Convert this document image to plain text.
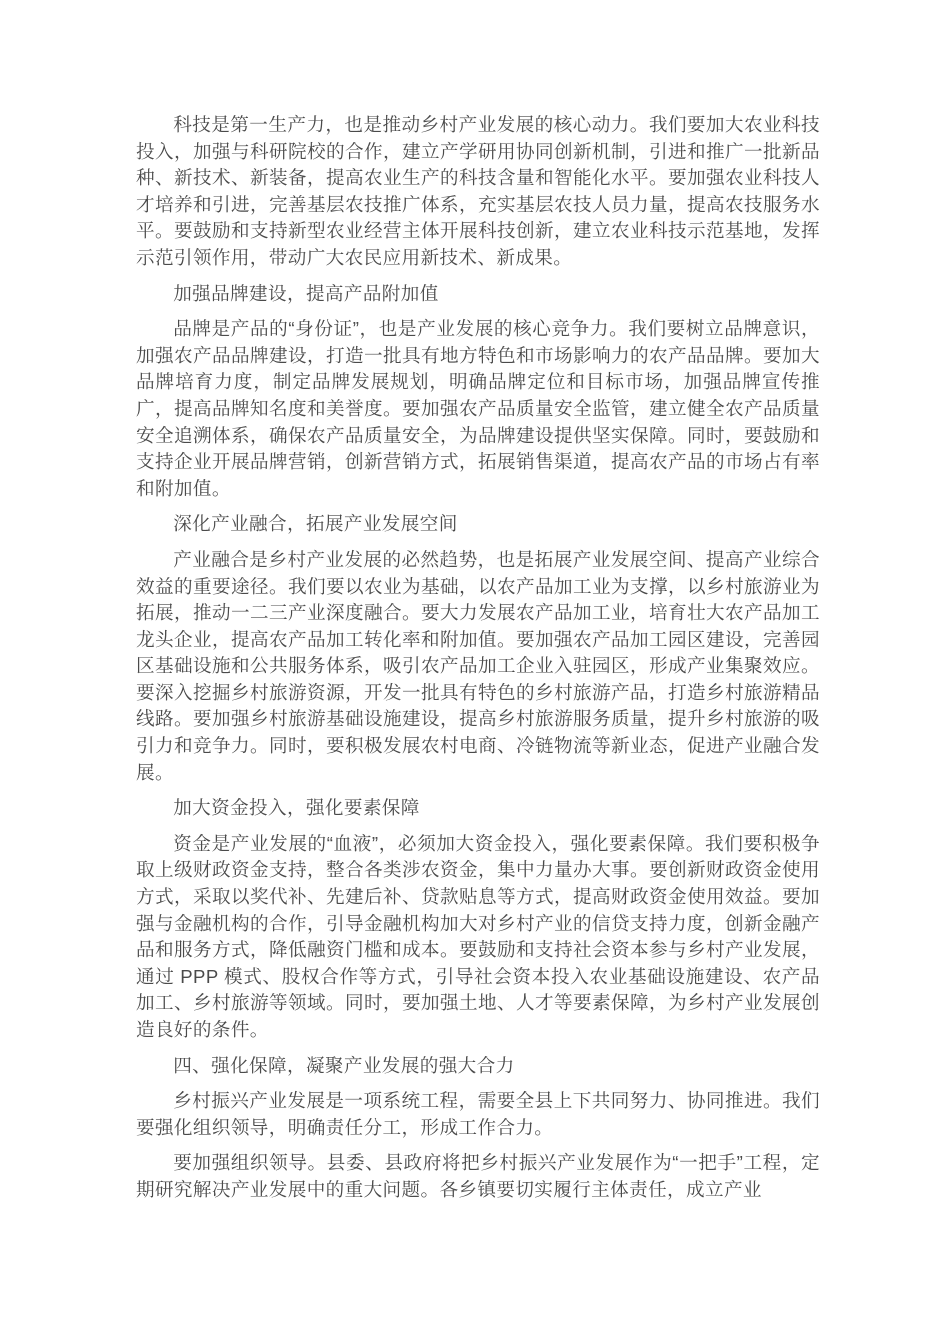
科技是第一生产力，也是推动乡村产业发展的核心动力。我们要加大农业科技投入，加强与科研院校的合作，建立产学研用协同创新机制，引进和推广一批新品种、新技术、新装备，提高农业生产的科技含量和智能化水平。要加强农业科技人才培养和引进，完善基层农技推广体系，充实基层农技人员力量，提高农技服务水平。要鼓励和支持新型农业经营主体开展科技创新，建立农业科技示范基地，发挥示范引领作用，带动广大农民应用新技术、新成果。

加强品牌建设，提高产品附加值

品牌是产品的“身份证”，也是产业发展的核心竞争力。我们要树立品牌意识，加强农产品品牌建设，打造一批具有地方特色和市场影响力的农产品品牌。要加大品牌培育力度，制定品牌发展规划，明确品牌定位和目标市场，加强品牌宣传推广，提高品牌知名度和美誉度。要加强农产品质量安全监管，建立健全农产品质量安全追溯体系，确保农产品质量安全，为品牌建设提供坚实保障。同时，要鼓励和支持企业开展品牌营销，创新营销方式，拓展销售渠道，提高农产品的市场占有率和附加值。

深化产业融合，拓展产业发展空间

产业融合是乡村产业发展的必然趋势，也是拓展产业发展空间、提高产业综合效益的重要途径。我们要以农业为基础，以农产品加工业为支撑，以乡村旅游业为拓展，推动一二三产业深度融合。要大力发展农产品加工业，培育壮大农产品加工龙头企业，提高农产品加工转化率和附加值。要加强农产品加工园区建设，完善园区基础设施和公共服务体系，吸引农产品加工企业入驻园区，形成产业集聚效应。要深入挖掘乡村旅游资源，开发一批具有特色的乡村旅游产品，打造乡村旅游精品线路。要加强乡村旅游基础设施建设，提高乡村旅游服务质量，提升乡村旅游的吸引力和竞争力。同时，要积极发展农村电商、冷链物流等新业态，促进产业融合发展。

加大资金投入，强化要素保障

资金是产业发展的“血液”，必须加大资金投入，强化要素保障。我们要积极争取上级财政资金支持，整合各类涉农资金，集中力量办大事。要创新财政资金使用方式，采取以奖代补、先建后补、贷款贴息等方式，提高财政资金使用效益。要加强与金融机构的合作，引导金融机构加大对乡村产业的信贷支持力度，创新金融产品和服务方式，降低融资门槛和成本。要鼓励和支持社会资本参与乡村产业发展，通过 PPP 模式、股权合作等方式，引导社会资本投入农业基础设施建设、农产品加工、乡村旅游等领域。同时，要加强土地、人才等要素保障，为乡村产业发展创造良好的条件。

四、强化保障，凝聚产业发展的强大合力

乡村振兴产业发展是一项系统工程，需要全县上下共同努力、协同推进。我们要强化组织领导，明确责任分工，形成工作合力。

要加强组织领导。县委、县政府将把乡村振兴产业发展作为“一把手”工程，定期研究解决产业发展中的重大问题。各乡镇要切实履行主体责任，成立产业
